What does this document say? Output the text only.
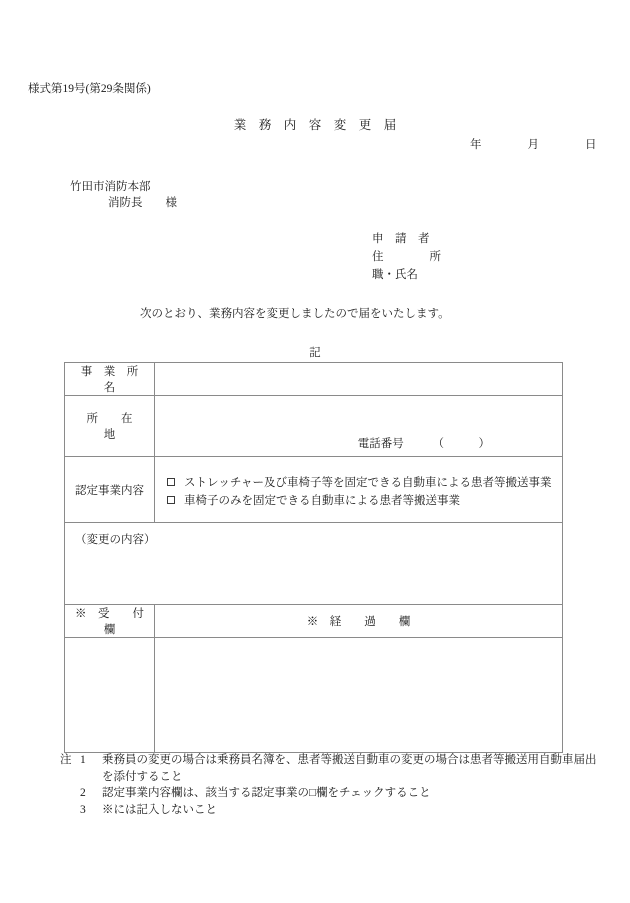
様式第19号(第29条関係)
業　務　内　容　変　更　届
年　　　　月　　　　日
竹田市消防本部
消防長　　様
申　請　者
住　　　　所
職・氏名
次のとおり、業務内容を変更しましたので届をいたします。
記
事　業　所　名	

所　　在　　地	電話番号　　　（　　　）

認定事業内容	ストレッチャー及び車椅子等を固定できる自動車による患者等搬送事業
車椅子のみを固定できる自動車による患者等搬送事業

（変更の内容）	

※　受　　付　　欄	※　経　　過　　欄

注 1	乗務員の変更の場合は乗務員名簿を、患者等搬送自動車の変更の場合は患者等搬送用自動車届出
を添付すること
2	認定事業内容欄は、該当する認定事業の□欄をチェックすること
3	※には記入しないこと
